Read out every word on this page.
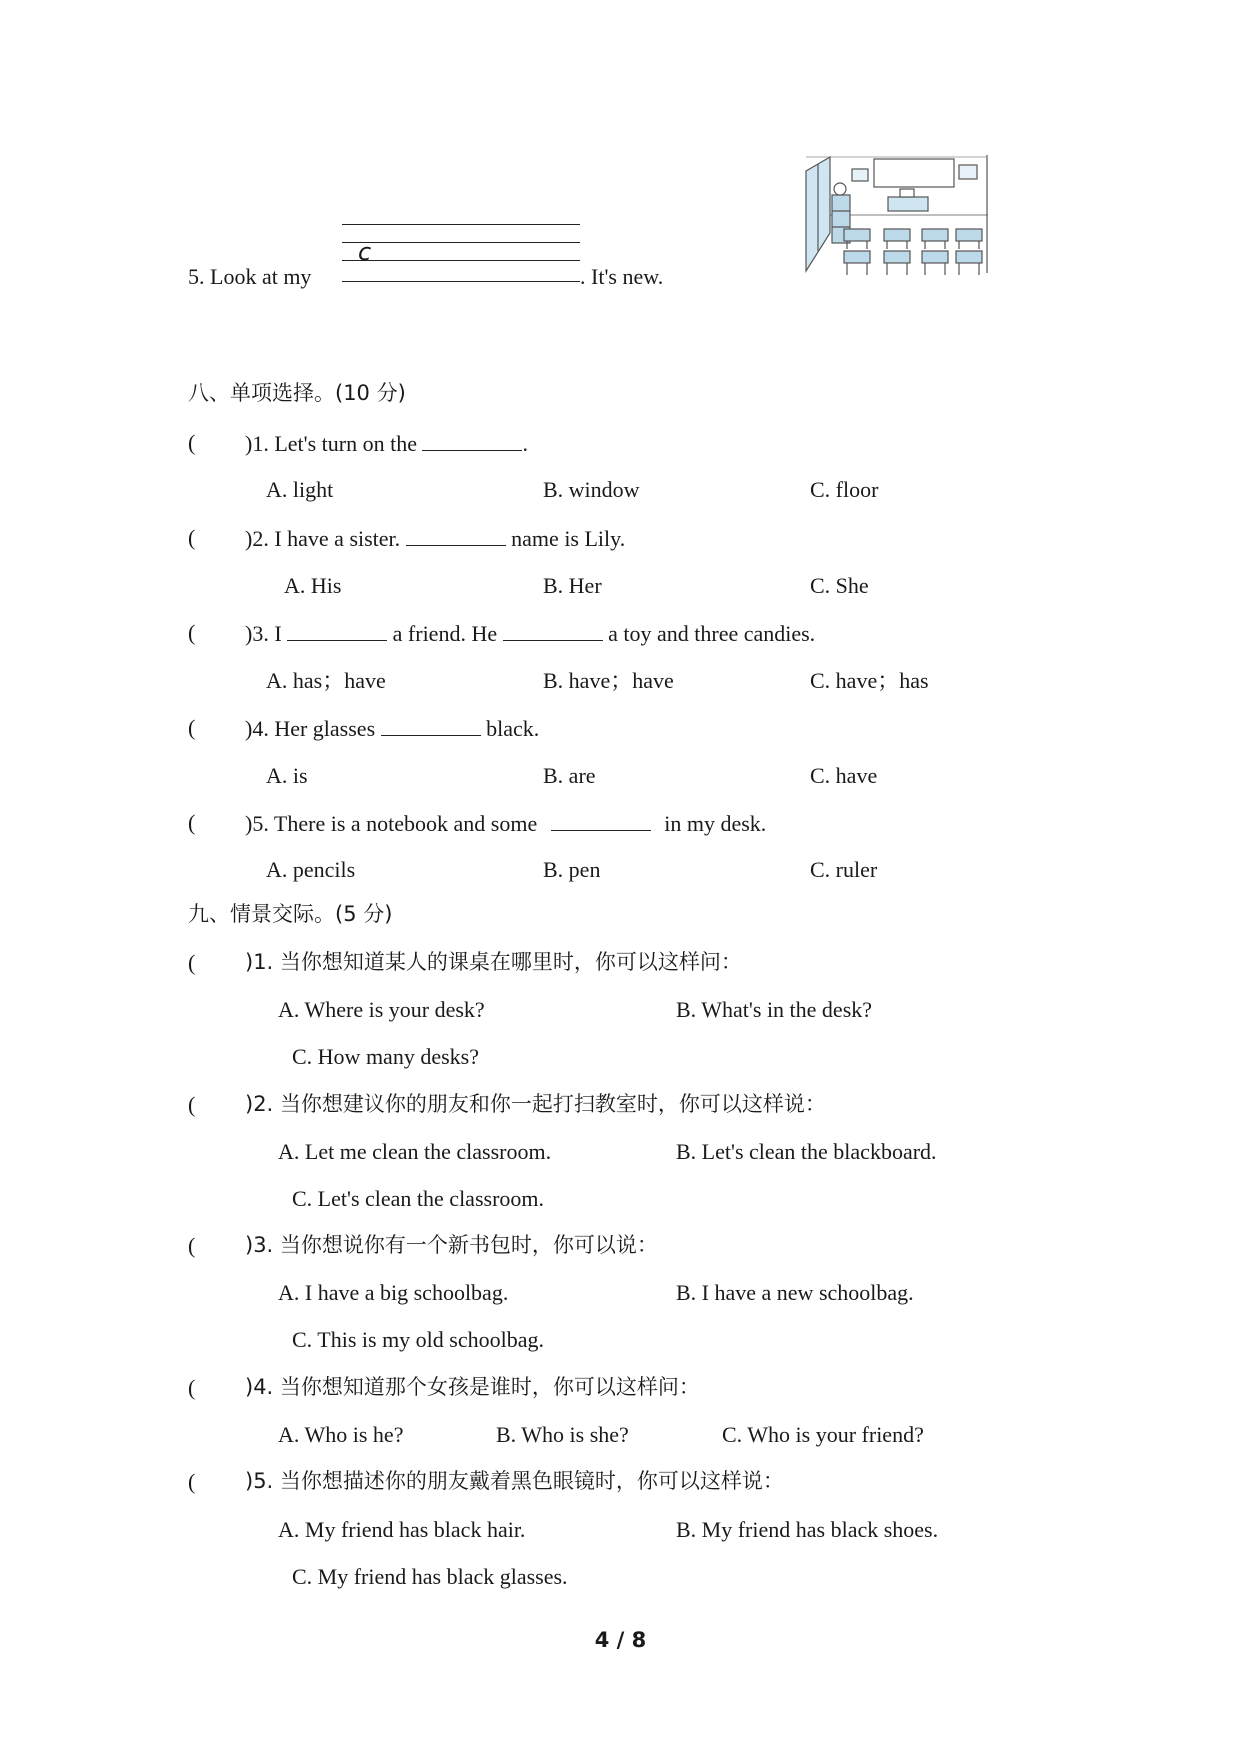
5. Look at my
c
. It's new.
八、单项选择。(10 分)
( )1. Let's turn on the	.
A. light	B. window	C. floor
( )2. I have a sister.	name is Lily.
A. His	B. Her	C. She
( )3. I	a friend. He	a toy and three candies.
A. has；have	B. have；have	C. have；has
( )4. Her glasses	black.
A. is	B. are	C. have
( )5. There is a notebook and some	in my desk.
A. pencils	B. pen	C. ruler
九、情景交际。(5 分)
( )1. 当你想知道某人的课桌在哪里时，你可以这样问：
A. Where is your desk?	B. What's in the desk?
C. How many desks?
( )2. 当你想建议你的朋友和你一起打扫教室时，你可以这样说：
A. Let me clean the classroom.	B. Let's clean the blackboard.
C. Let's clean the classroom.
( )3. 当你想说你有一个新书包时，你可以说：
A. I have a big schoolbag.	B. I have a new schoolbag.
C. This is my old schoolbag.
( )4. 当你想知道那个女孩是谁时，你可以这样问：
A. Who is he?	B. Who is she?	C. Who is your friend?
( )5. 当你想描述你的朋友戴着黑色眼镜时，你可以这样说：
A. My friend has black hair.	B. My friend has black shoes.
C. My friend has black glasses.
4 / 8
